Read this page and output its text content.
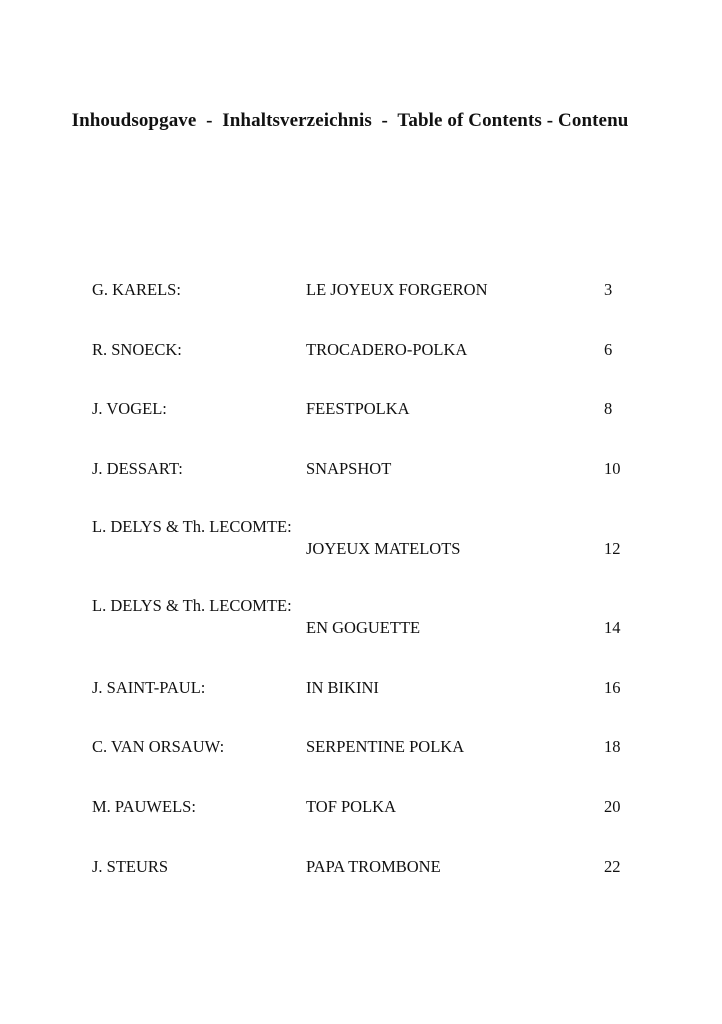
Inhoudsopgave  -  Inhaltsverzeichnis  -  Table of Contents - Contenu
G. KARELS:	LE JOYEUX FORGERON	3
R. SNOECK:	TROCADERO-POLKA	6
J. VOGEL:	FEESTPOLKA	8
J. DESSART:	SNAPSHOT	10
L. DELYS & Th. LECOMTE:
JOYEUX MATELOTS	12
L. DELYS & Th. LECOMTE:
EN GOGUETTE	14
J. SAINT-PAUL:	IN BIKINI	16
C. VAN ORSAUW:	SERPENTINE POLKA	18
M. PAUWELS:	TOF POLKA	20
J. STEURS	PAPA TROMBONE	22
